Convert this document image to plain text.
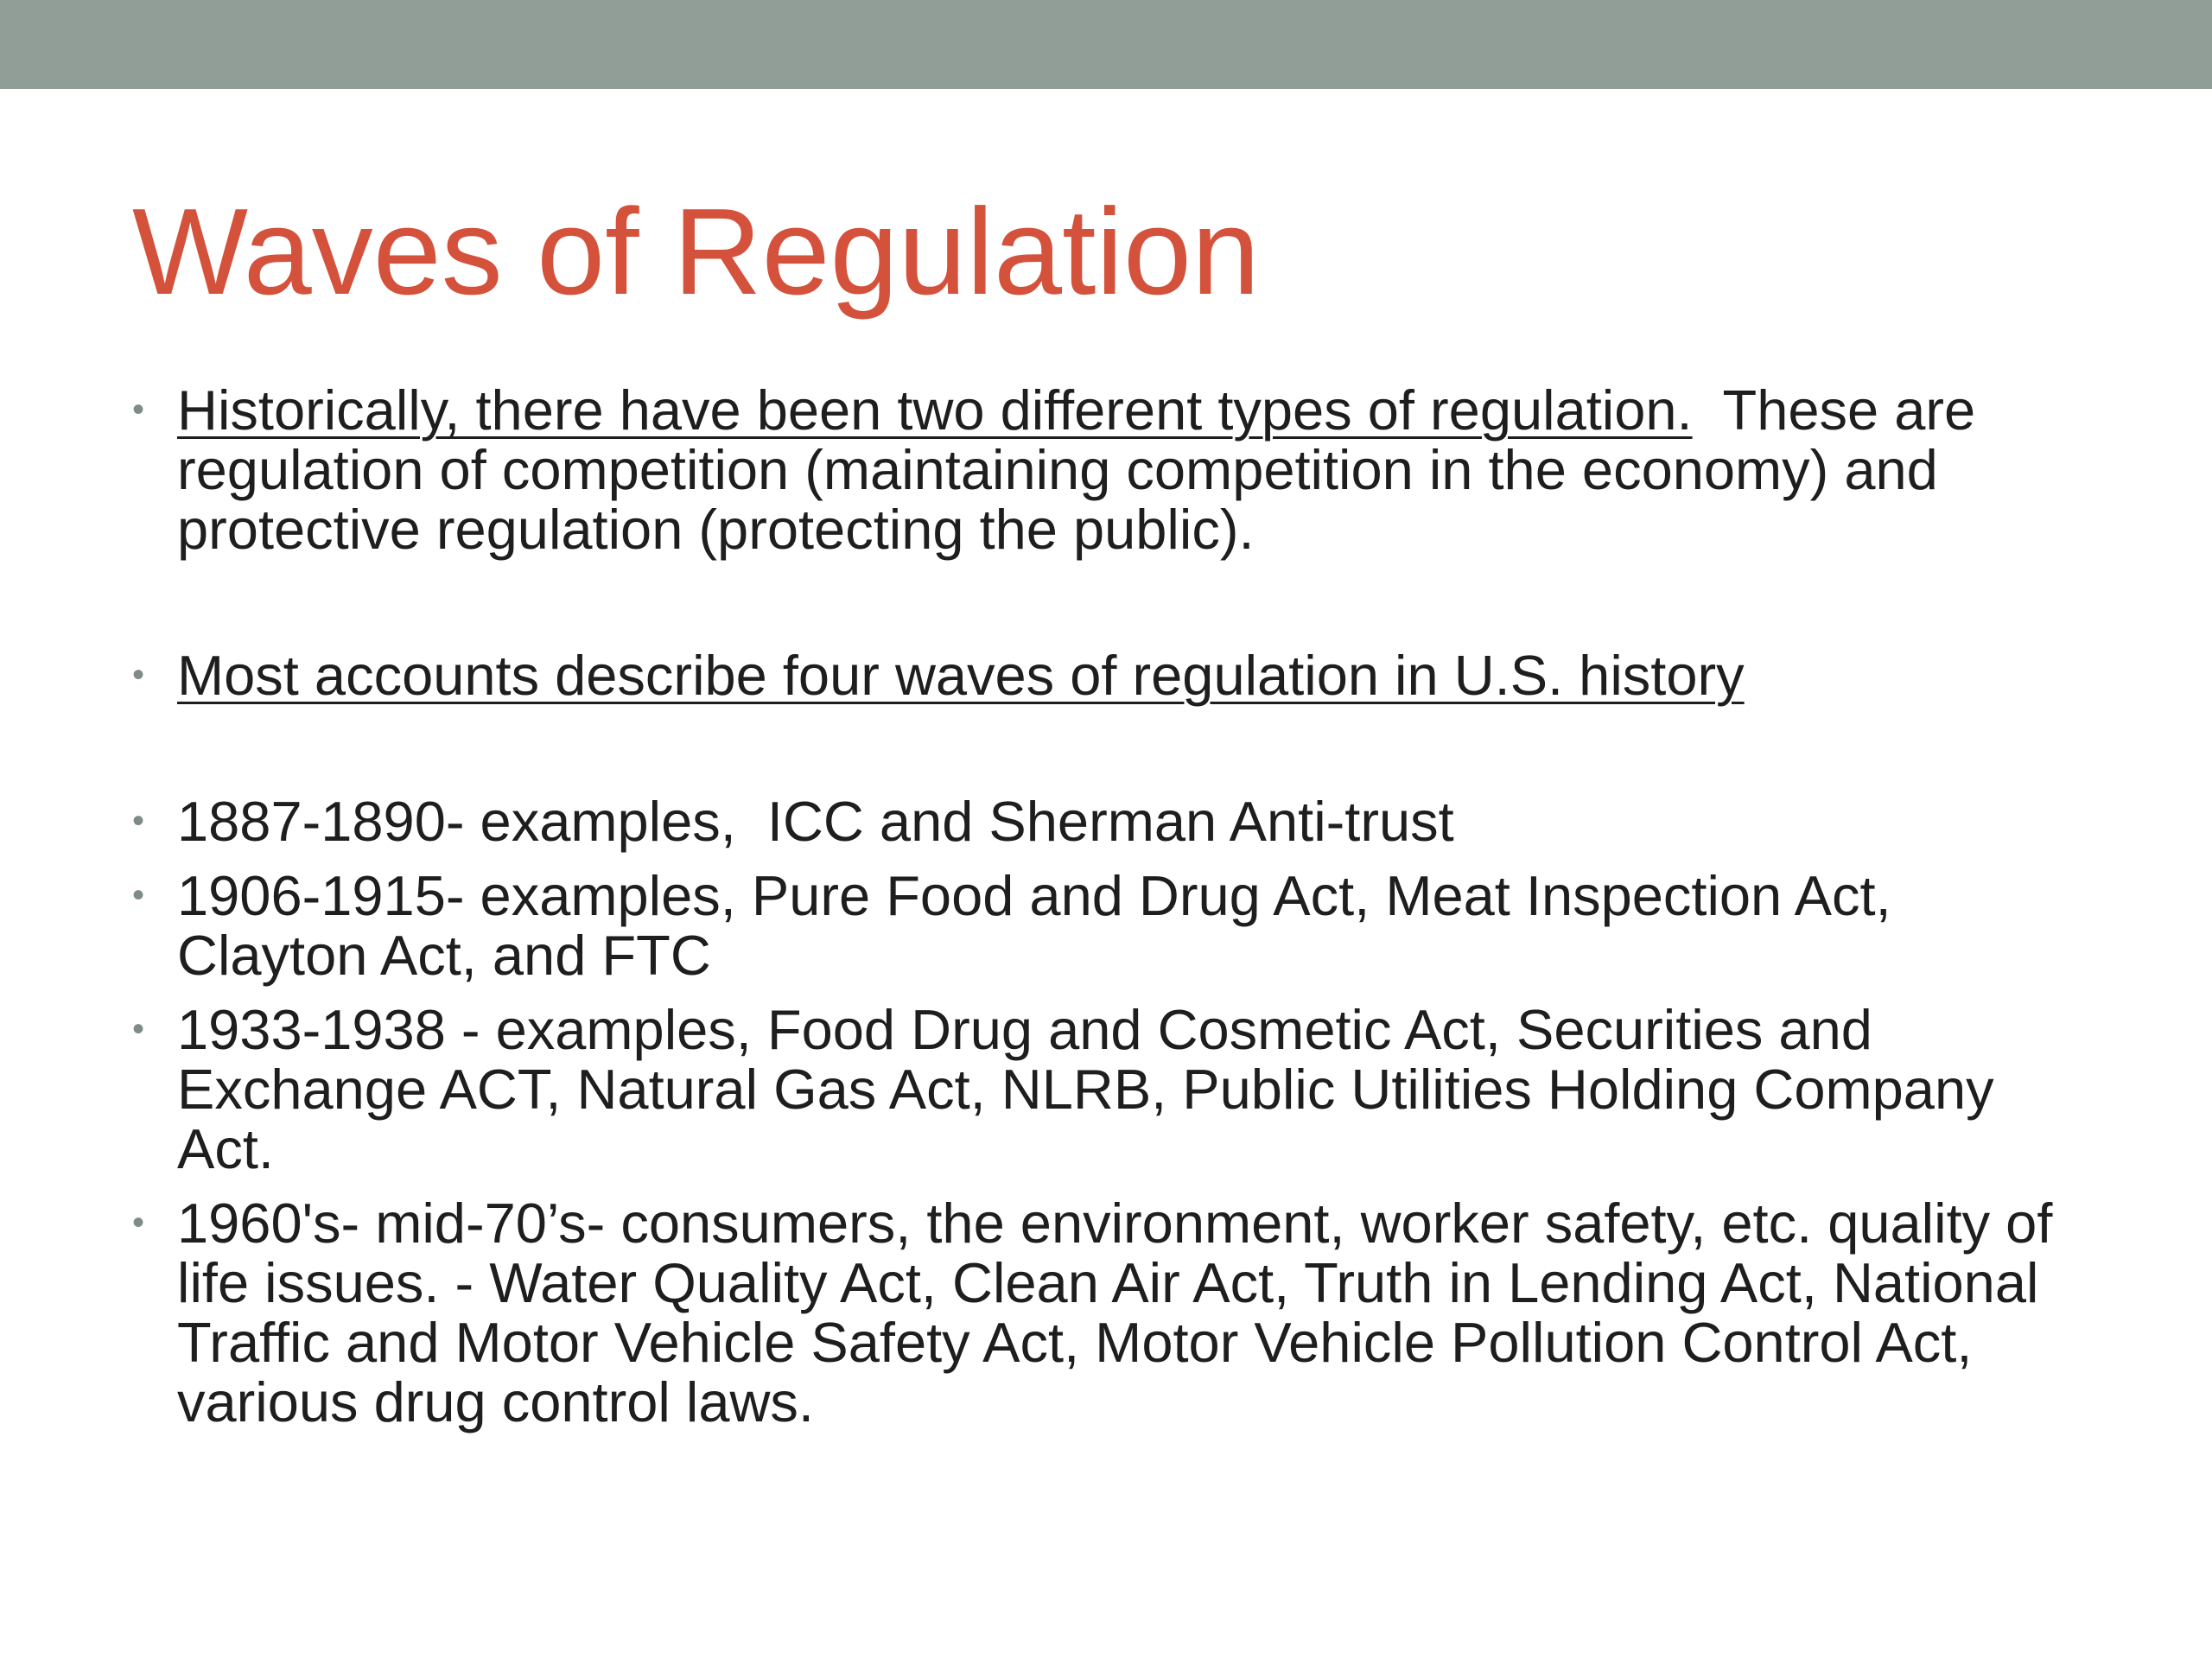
Waves of Regulation
• Historically, there have been two different types of regulation.  These are regulation of competition (maintaining competition in the economy) and protective regulation (protecting the public).
• Most accounts describe four waves of regulation in U.S. history
• 1887-1890- examples,  ICC and Sherman Anti-trust
• 1906-1915- examples, Pure Food and Drug Act, Meat Inspection Act, Clayton Act, and FTC
• 1933-1938 - examples, Food Drug and Cosmetic Act, Securities and Exchange ACT, Natural Gas Act, NLRB, Public Utilities Holding Company Act.
• 1960's- mid-70’s- consumers, the environment, worker safety, etc. quality of life issues. - Water Quality Act, Clean Air Act, Truth in Lending Act, National Traffic and Motor Vehicle Safety Act, Motor Vehicle Pollution Control Act, various drug control laws.
